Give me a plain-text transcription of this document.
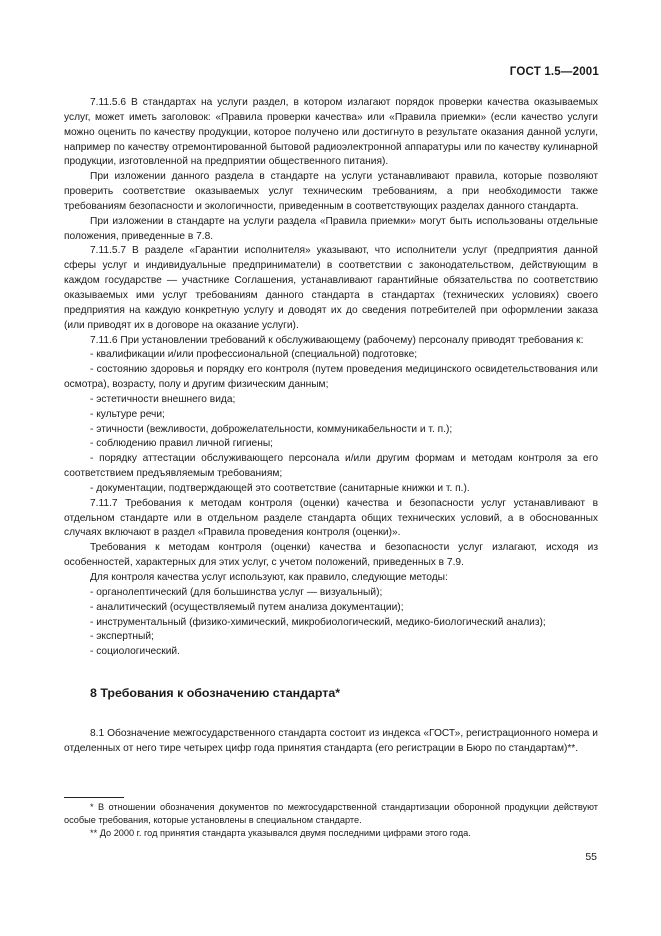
ГОСТ 1.5—2001

7.11.5.6 В стандартах на услуги раздел, в котором излагают порядок проверки качества оказываемых услуг, может иметь заголовок: «Правила проверки качества» или «Правила приемки» (если качество услуги можно оценить по качеству продукции, которое получено или достигнуто в результате оказания данной услуги, например по качеству отремонтированной бытовой радиоэлектронной аппаратуры или по качеству кулинарной продукции, изготовленной на предприятии общественного питания).

При изложении данного раздела в стандарте на услуги устанавливают правила, которые позволяют проверить соответствие оказываемых услуг техническим требованиям, а при необходимости также требованиям безопасности и экологичности, приведенным в соответствующих разделах данного стандарта.

При изложении в стандарте на услуги раздела «Правила приемки» могут быть использованы отдельные положения, приведенные в 7.8.

7.11.5.7 В разделе «Гарантии исполнителя» указывают, что исполнители услуг (предприятия данной сферы услуг и индивидуальные предприниматели) в соответствии с законодательством, действующим в каждом государстве — участнике Соглашения, устанавливают гарантийные обязательства по соответствию оказываемых ими услуг требованиям данного стандарта в стандартах (технических условиях) своего предприятия на каждую конкретную услугу и доводят их до сведения потребителей при оформлении заказа (или приводят их в договоре на оказание услуги).

7.11.6 При установлении требований к обслуживающему (рабочему) персоналу приводят требования к:

- квалификации и/или профессиональной (специальной) подготовке;

- состоянию здоровья и порядку его контроля (путем проведения медицинского освидетельствования или осмотра), возрасту, полу и другим физическим данным;

- эстетичности внешнего вида;

- культуре речи;

- этичности (вежливости, доброжелательности, коммуникабельности и т. п.);

- соблюдению правил личной гигиены;

- порядку аттестации обслуживающего персонала и/или другим формам и методам контроля за его соответствием предъявляемым требованиям;

- документации, подтверждающей это соответствие (санитарные книжки и т. п.).

7.11.7 Требования к методам контроля (оценки) качества и безопасности услуг устанавливают в отдельном стандарте или в отдельном разделе стандарта общих технических условий, а в обоснованных случаях включают в раздел «Правила проведения контроля (оценки)».

Требования к методам контроля (оценки) качества и безопасности услуг излагают, исходя из особенностей, характерных для этих услуг, с учетом положений, приведенных в 7.9.

Для контроля качества услуг используют, как правило, следующие методы:

- органолептический (для большинства услуг — визуальный);

- аналитический (осуществляемый путем анализа документации);

- инструментальный (физико-химический, микробиологический, медико-биологический анализ);

- экспертный;

- социологический.

8 Требования к обозначению стандарта*

8.1 Обозначение межгосударственного стандарта состоит из индекса «ГОСТ», регистрационного номера и отделенных от него тире четырех цифр года принятия стандарта (его регистрации в Бюро по стандартам)**.

* В отношении обозначения документов по межгосударственной стандартизации оборонной продукции действуют особые требования, которые установлены в специальном стандарте.

** До 2000 г. год принятия стандарта указывался двумя последними цифрами этого года.

55
